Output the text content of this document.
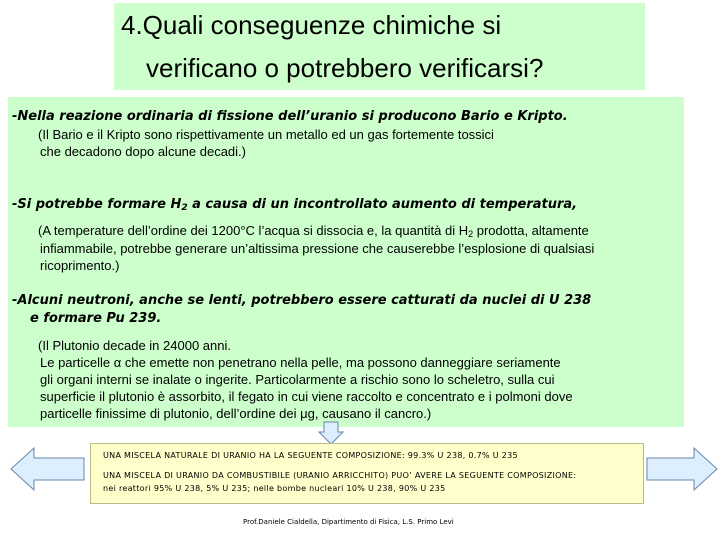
4.Quali conseguenze chimiche si
verificano o potrebbero verificarsi?
-Nella reazione ordinaria di fissione dell’uranio si producono Bario e Kripto.
(Il Bario e il Kripto sono rispettivamente un metallo ed un gas fortemente tossici
che decadono dopo alcune decadi.)
-Si potrebbe formare $H_2$ a causa di un incontrollato aumento di temperatura,
(A temperature dell’ordine dei 1200°C l’acqua si dissocia e, la quantità di $H_2$ prodotta, altamente
infiammabile, potrebbe generare un’altissima pressione che causerebbe l’esplosione di qualsiasi
ricoprimento.)
-Alcuni neutroni, anche se lenti, potrebbero essere catturati da nuclei di U 238
e formare Pu 239.
(Il Plutonio decade in 24000 anni.
Le particelle α che emette non penetrano nella pelle, ma possono danneggiare seriamente
gli organi interni se inalate o ingerite. Particolarmente a rischio sono lo scheletro, sulla cui
superficie il plutonio è assorbito, il fegato in cui viene raccolto e concentrato e i polmoni dove
particelle finissime di plutonio, dell’ordine dei μg, causano il cancro.)
UNA MISCELA NATURALE DI URANIO HA LA SEGUENTE COMPOSIZIONE: 99.3% U 238, 0.7% U 235
UNA MISCELA DI URANIO DA COMBUSTIBILE (URANIO ARRICCHITO) PUO’ AVERE LA SEGUENTE COMPOSIZIONE:
nei reattori 95% U 238, 5% U 235; nelle bombe nucleari 10% U 238, 90% U 235
Prof.Daniele Cialdella, Dipartimento di Fisica, L.S. Primo Levi
